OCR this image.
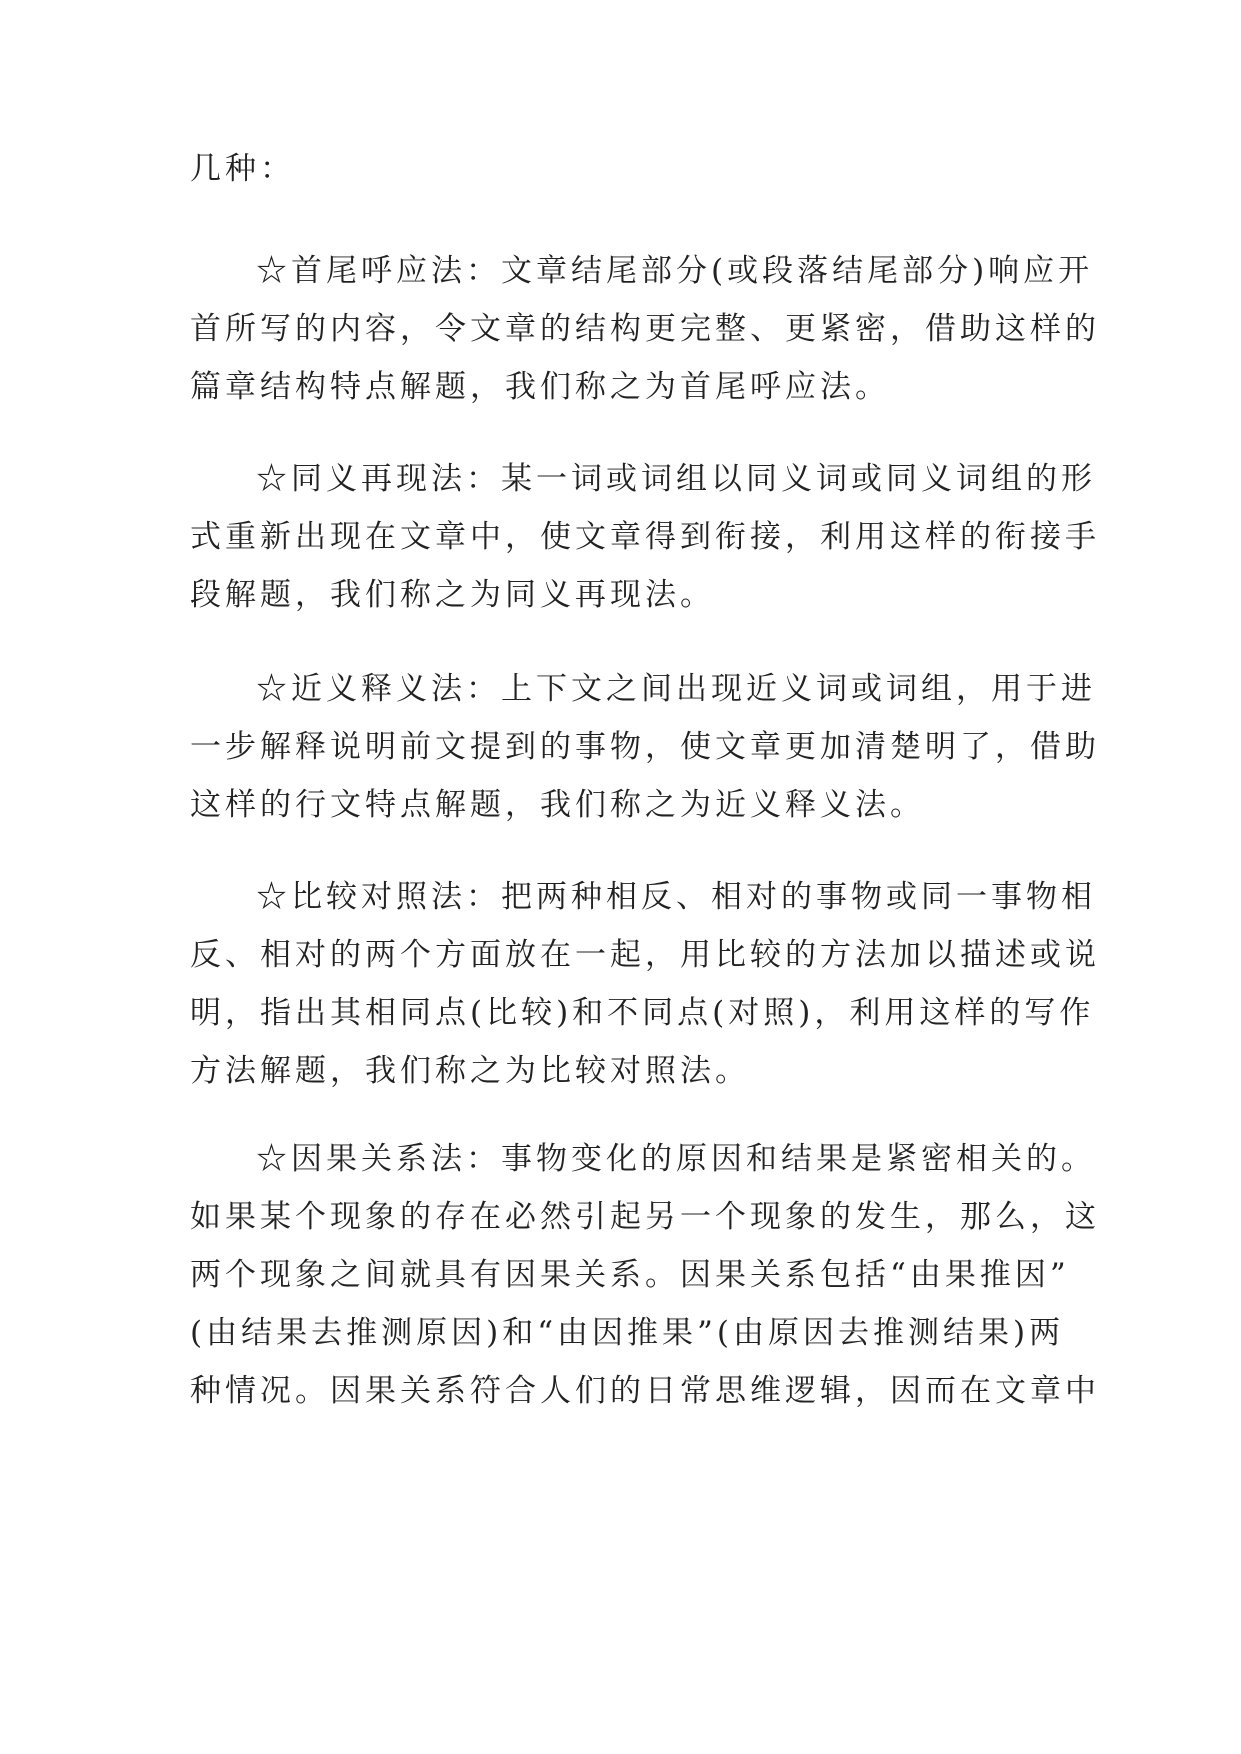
几种：

☆首尾呼应法：文章结尾部分(或段落结尾部分)响应开
首所写的内容，令文章的结构更完整、更紧密，借助这样的
篇章结构特点解题，我们称之为首尾呼应法。

☆同义再现法：某一词或词组以同义词或同义词组的形
式重新出现在文章中，使文章得到衔接，利用这样的衔接手
段解题，我们称之为同义再现法。

☆近义释义法：上下文之间出现近义词或词组，用于进
一步解释说明前文提到的事物，使文章更加清楚明了，借助
这样的行文特点解题，我们称之为近义释义法。

☆比较对照法：把两种相反、相对的事物或同一事物相
反、相对的两个方面放在一起，用比较的方法加以描述或说
明，指出其相同点(比较)和不同点(对照)，利用这样的写作
方法解题，我们称之为比较对照法。

☆因果关系法：事物变化的原因和结果是紧密相关的。
如果某个现象的存在必然引起另一个现象的发生，那么，这
两个现象之间就具有因果关系。因果关系包括“由果推因”
(由结果去推测原因)和“由因推果”(由原因去推测结果)两
种情况。因果关系符合人们的日常思维逻辑，因而在文章中
